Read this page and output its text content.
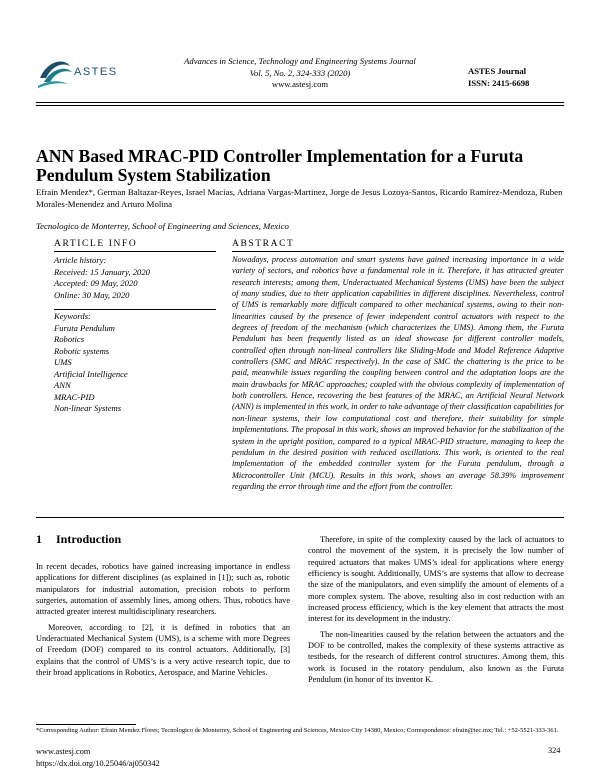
ASTES
Advances in Science, Technology and Engineering Systems Journal
Vol. 5, No. 2, 324-333 (2020)
www.astesj.com
ASTES Journal
ISSN: 2415-6698
ANN Based MRAC-PID Controller Implementation for a Furuta Pendulum System Stabilization
Efrain Mendez*, German Baltazar-Reyes, Israel Macias, Adriana Vargas-Martinez, Jorge de Jesus Lozoya-Santos, Ricardo Ramirez-Mendoza, Ruben Morales-Menendez and Arturo Molina
Tecnologico de Monterrey, School of Engineering and Sciences, Mexico
ARTICLE INFO
Article history:
Received: 15 January, 2020
Accepted: 09 May, 2020
Online: 30 May, 2020
Keywords:
Furuta Pendulum
Robotics
Robotic systems
UMS
Artificial Intelligence
ANN
MRAC-PID
Non-linear Systems
ABSTRACT
Nowadays, process automation and smart systems have gained increasing importance in a wide variety of sectors, and robotics have a fundamental role in it. Therefore, it has attracted greater research interests; among them, Underactuated Mechanical Systems (UMS) have been the subject of many studies, due to their application capabilities in different disciplines. Nevertheless, control of UMS is remarkably more difficult compared to other mechanical systems, owing to their non-linearities caused by the presence of fewer independent control actuators with respect to the degrees of freedom of the mechanism (which characterizes the UMS). Among them, the Furuta Pendulum has been frequently listed as an ideal showcase for different controller models, controlled often through non-lineal controllers like Sliding-Mode and Model Reference Adaptive controllers (SMC and MRAC respectively). In the case of SMC the chattering is the price to be paid, meanwhile issues regarding the coupling between control and the adaptation loops are the main drawbacks for MRAC approaches; coupled with the obvious complexity of implementation of both controllers. Hence, recovering the best features of the MRAC, an Artificial Neural Network (ANN) is implemented in this work, in order to take advantage of their classification capabilities for non-linear systems, their low computational cost and therefore, their suitability for simple implementations. The proposal in this work, shows an improved behavior for the stabilization of the system in the upright position, compared to a typical MRAC-PID structure, managing to keep the pendulum in the desired position with reduced oscillations. This work, is oriented to the real implementation of the embedded controller system for the Furuta pendulum, through a Microcontroller Unit (MCU). Results in this work, shows an average 58.39% improvement regarding the error through time and the effort from the controller.
1 Introduction

In recent decades, robotics have gained increasing importance in endless applications for different disciplines (as explained in [1]); such as, robotic manipulators for industrial automation, precision robots to perform surgeries, automation of assembly lines, among others. Thus, robotics have attracted greater interest multidisciplinary researchers.

Moreover, according to [2], it is defined in robotics that an Underactuated Mechanical System (UMS), is a scheme with more Degrees of Freedom (DOF) compared to its control actuators. Additionally, [3] explains that the control of UMS’s is a very active research topic, due to their broad applications in Robotics, Aerospace, and Marine Vehicles.

Therefore, in spite of the complexity caused by the lack of actuators to control the movement of the system, it is precisely the low number of required actuators that makes UMS’s ideal for applications where energy efficiency is sought. Additionally, UMS’s are systems that allow to decrease the size of the manipulators, and even simplify the amount of elements of a more complex system. The above, resulting also in cost reduction with an increased process efficiency, which is the key element that attracts the most interest for its development in the industry.

The non-linearities caused by the relation between the actuators and the DOF to be controlled, makes the complexity of these systems attractive as testbeds, for the research of different control structures. Among them, this work is focused in the rotatory pendulum, also known as the Furuta Pendulum (in honor of its inventor K.

*Corresponding Author: Efrain Mendez Flores; Tecnologico de Monterrey, School of Engineering and Sciences, Mexico City 14380, Mexico; Correspondence: efrain@tec.mx; Tel.: +52-5521-333-361.
www.astesj.com
https://dx.doi.org/10.25046/aj050342
324
